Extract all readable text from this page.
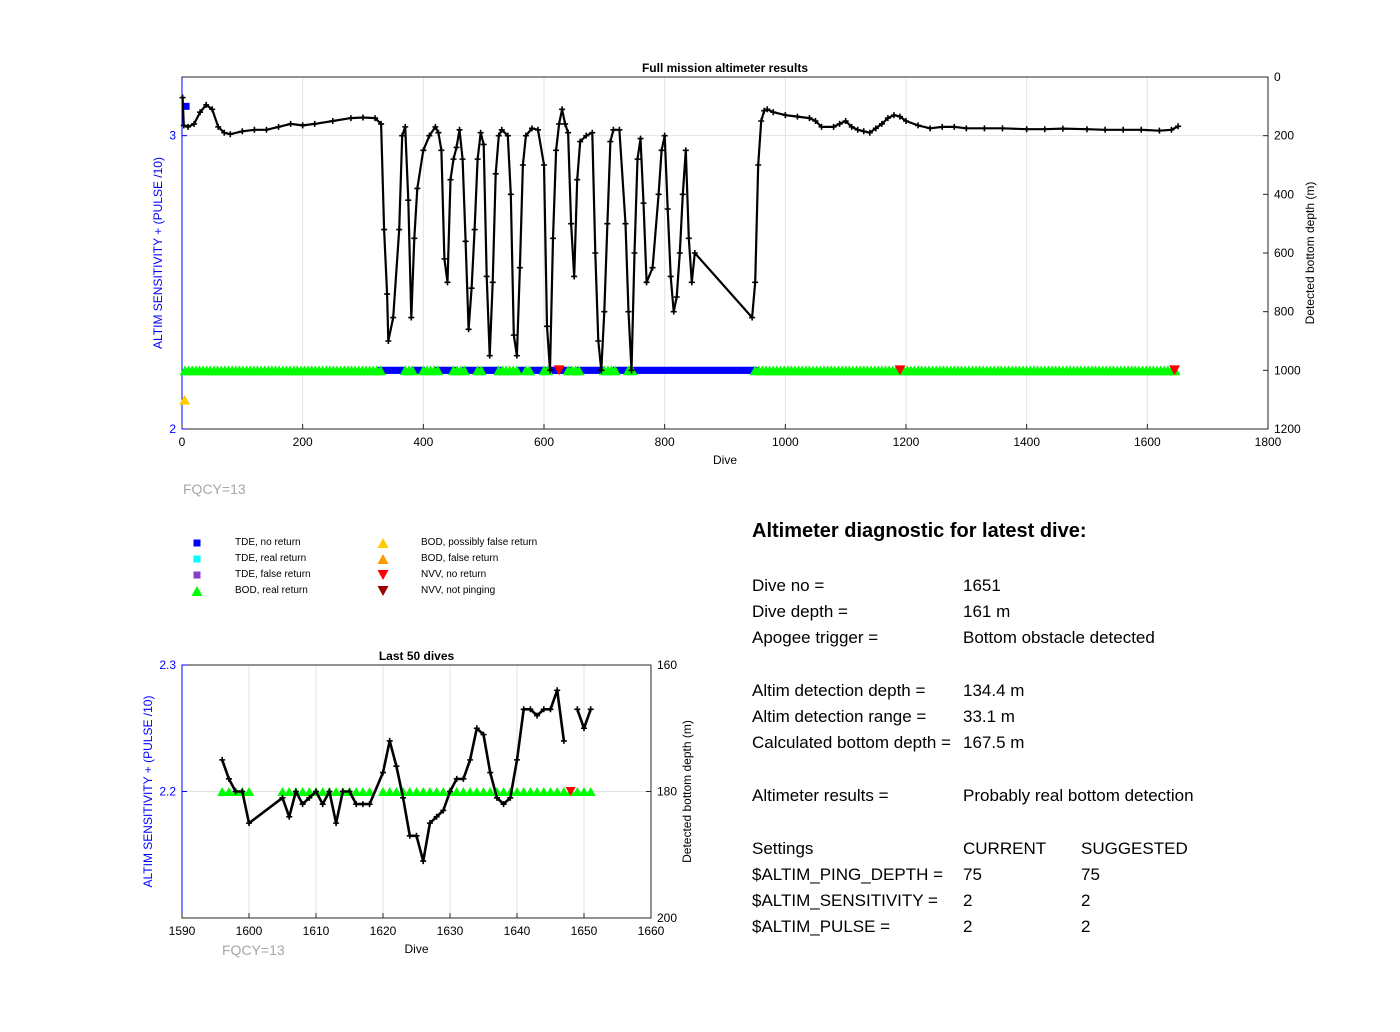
0	200	400	600	800	1000	1200	1400	1600	1800
2
3
0
200
400
600
800
1000
1200
Full mission altimeter results
Dive
ALTIM SENSITIVITY + (PULSE /10)	Detected bottom depth (m)
FQCY=13
1590	1600	1610	1620	1630	1640	1650	1660
2.2
2.3	160
180
200
Last 50 dives
Dive
ALTIM SENSITIVITY + (PULSE /10)	Detected bottom depth (m)
FQCY=13
TDE, no return
TDE, real return
TDE, false return
BOD, real return
BOD, possibly false return
BOD, false return
NVV, no return
NVV, not pinging
Altimeter diagnostic for latest dive:
Dive no =	1651
Dive depth =	161 m
Apogee trigger =	Bottom obstacle detected
Altim detection depth = 134.4 m
Altim detection range = 33.1 m
Calculated bottom depth = 167.5 m
Altimeter results =	Probably real bottom detection
Settings	CURRENT SUGGESTED
$ALTIM_PING_DEPTH = 75	75
$ALTIM_SENSITIVITY = 2	2
$ALTIM_PULSE =	2	2
